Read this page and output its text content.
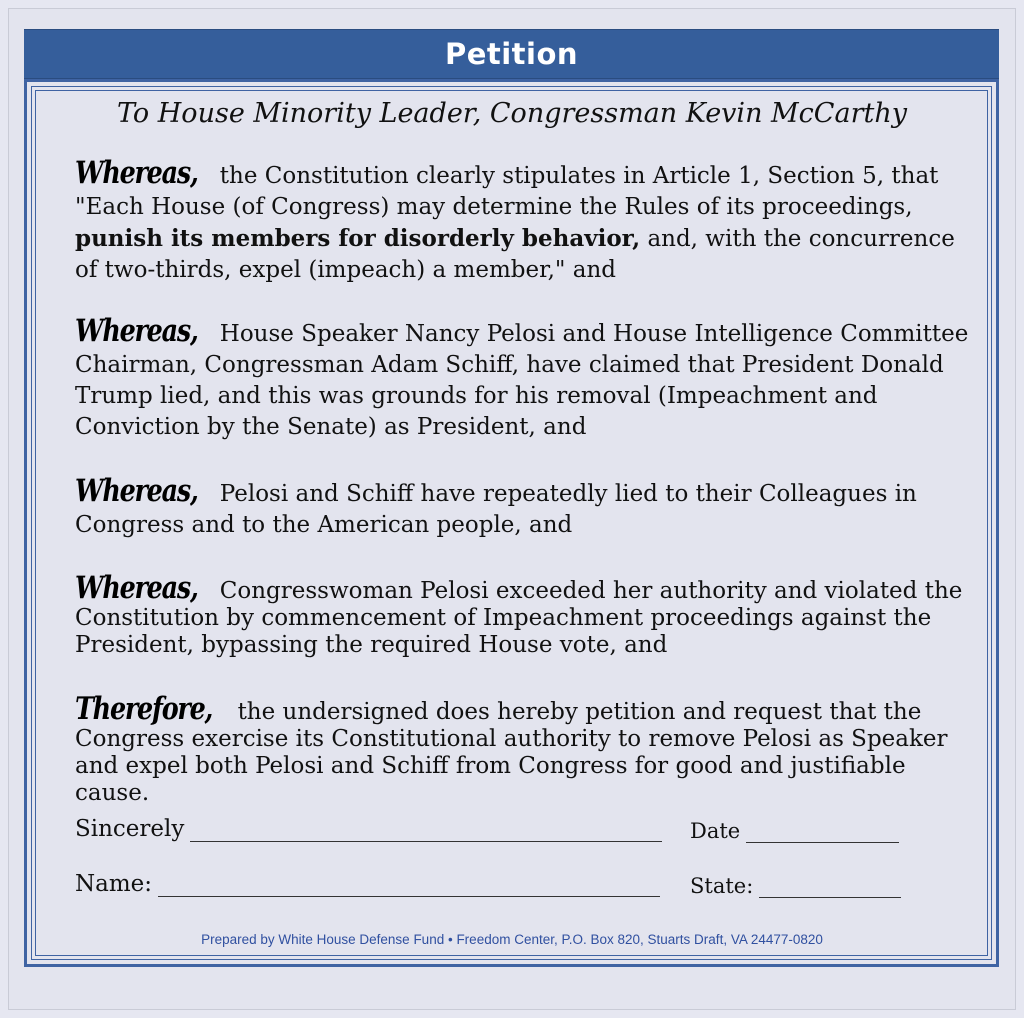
Petition
To House Minority Leader, Congressman Kevin McCarthy
Whereas, the Constitution clearly stipulates in Article 1, Section 5, that "Each House (of Congress) may determine the Rules of its proceedings, punish its members for disorderly behavior, and, with the concurrence of two-thirds, expel (impeach) a member," and
Whereas, House Speaker Nancy Pelosi and House Intelligence Committee Chairman, Congressman Adam Schiff, have claimed that President Donald Trump lied, and this was grounds for his removal (Impeachment and Conviction by the Senate) as President, and
Whereas, Pelosi and Schiff have repeatedly lied to their Colleagues in Congress and to the American people, and
Whereas, Congresswoman Pelosi exceeded her authority and violated the Constitution by commencement of Impeachment proceedings against the President, bypassing the required House vote, and
Therefore, the undersigned does hereby petition and request that the Congress exercise its Constitutional authority to remove Pelosi as Speaker and expel both Pelosi and Schiff from Congress for good and justifiable cause.
Sincerely	Date
Name:	State:
Prepared by White House Defense Fund • Freedom Center, P.O. Box 820, Stuarts Draft, VA 24477-0820
